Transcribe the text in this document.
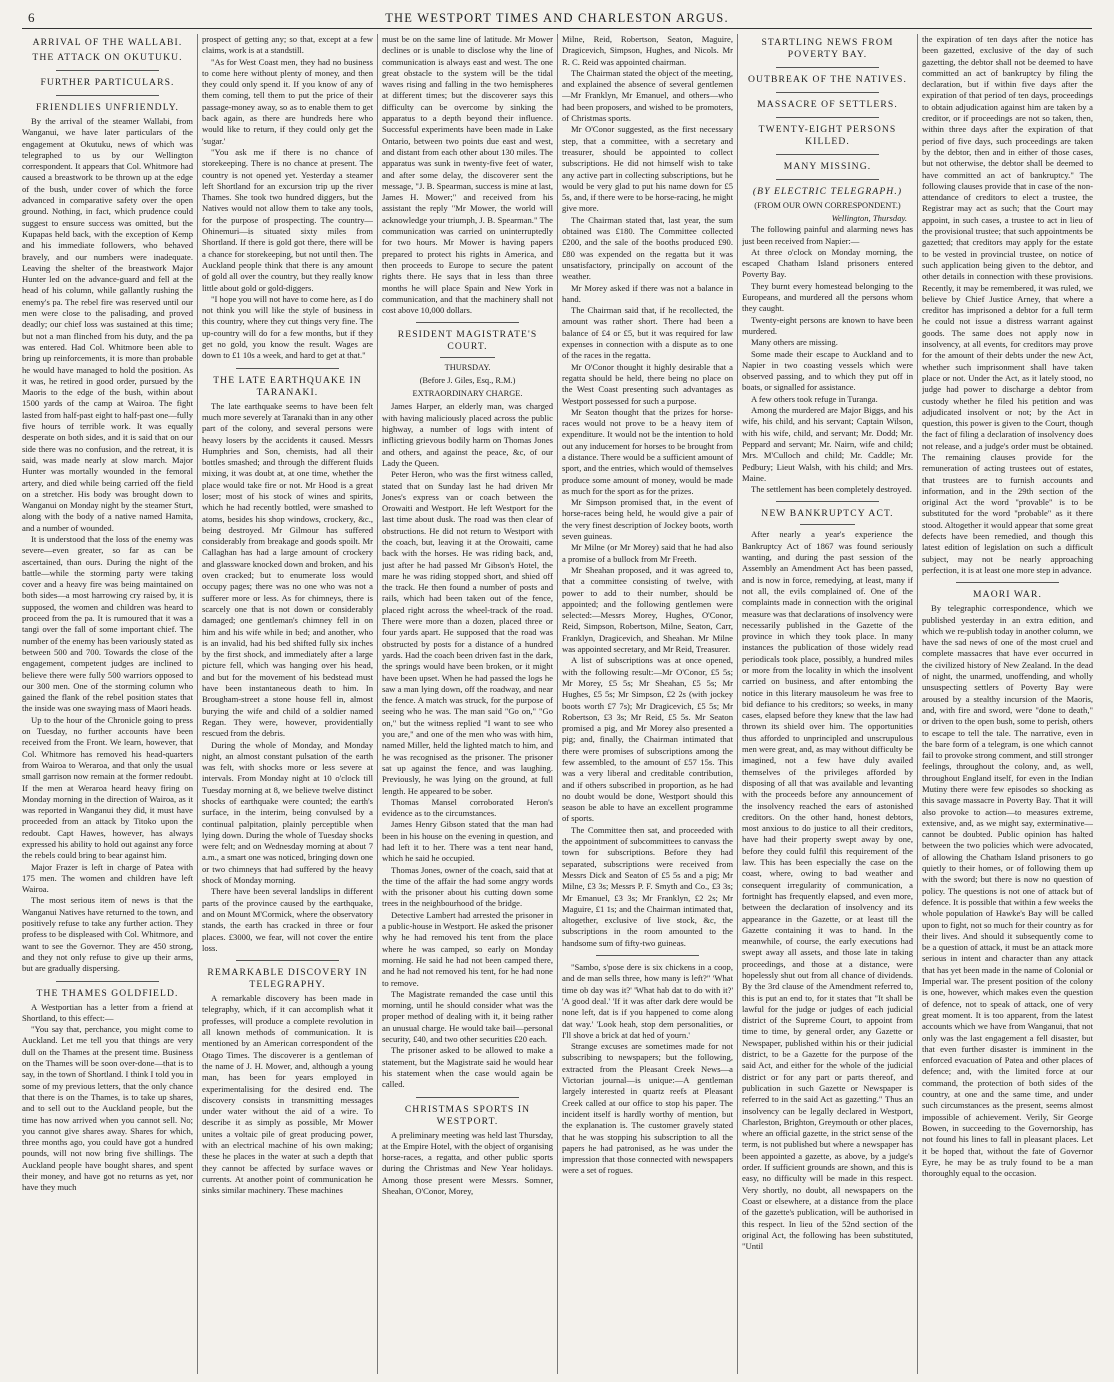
6	THE WESTPORT TIMES AND CHARLESTON ARGUS.
ARRIVAL OF THE WALLABI.
THE ATTACK ON OKUTUKU.
FURTHER PARTICULARS.
FRIENDLIES UNFRIENDLY.

By the arrival of the steamer Wallabi, from Wanganui, we have later particulars of the engagement at Okutuku, news of which was telegraphed to us by our Wellington correspondent. It appears that Col. Whitmore had caused a breastwork to be thrown up at the edge of the bush, under cover of which the force advanced in comparative safety over the open ground. Nothing, in fact, which prudence could suggest to ensure success was omitted, but the Kupapas held back, with the exception of Kemp and his immediate followers, who behaved bravely, and our numbers were inadequate. Leaving the shelter of the breastwork Major Hunter led on the advance-guard and fell at the head of his column, while gallantly rushing the enemy's pa. The rebel fire was reserved until our men were close to the palisading, and proved deadly; our chief loss was sustained at this time; but not a man flinched from his duty, and the pa was entered. Had Col. Whitmore been able to bring up reinforcements, it is more than probable he would have managed to hold the position. As it was, he retired in good order, pursued by the Maoris to the edge of the bush, within about 1500 yards of the camp at Wairoa. The fight lasted from half-past eight to half-past one—fully five hours of terrible work. It was equally desperate on both sides, and it is said that on our side there was no confusion, and the retreat, it is said, was made nearly at slow march. Major Hunter was mortally wounded in the femoral artery, and died while being carried off the field on a stretcher. His body was brought down to Wanganui on Monday night by the steamer Sturt, along with the body of a native named Hamita, and a number of wounded.

It is understood that the loss of the enemy was severe—even greater, so far as can be ascertained, than ours. During the night of the battle—while the storming party were taking cover and a heavy fire was being maintained on both sides—a most harrowing cry raised by, it is supposed, the women and children was heard to proceed from the pa. It is rumoured that it was a tangi over the fall of some important chief. The number of the enemy has been variously stated as between 500 and 700. Towards the close of the engagement, competent judges are inclined to believe there were fully 500 warriors opposed to our 300 men. One of the storming column who gained the flank of the rebel position states that the inside was one swaying mass of Maori heads.

Up to the hour of the Chronicle going to press on Tuesday, no further accounts have been received from the Front. We learn, however, that Col. Whitmore has removed his head-quarters from Wairoa to Weraroa, and that only the usual small garrison now remain at the former redoubt. If the men at Weraroa heard heavy firing on Monday morning in the direction of Wairoa, as it was reported in Wanganui they did, it must have proceeded from an attack by Titoko upon the redoubt. Capt Hawes, however, has always expressed his ability to hold out against any force the rebels could bring to bear against him.

Major Frazer is left in charge of Patea with 175 men. The women and children have left Wairoa.

The most serious item of news is that the Wanganui Natives have returned to the town, and positively refuse to take any further action. They profess to be displeased with Col. Whitmore, and want to see the Governor. They are 450 strong, and they not only refuse to give up their arms, but are gradually dispersing.

THE THAMES GOLDFIELD.

A Westportian has a letter from a friend at Shortland, to this effect:—

"You say that, perchance, you might come to Auckland. Let me tell you that things are very dull on the Thames at the present time. Business on the Thames will be soon over-done—that is to say, in the town of Shortland. I think I told you in some of my previous letters, that the only chance that there is on the Thames, is to take up shares, and to sell out to the Auckland people, but the time has now arrived when you cannot sell. No; you cannot give shares away. Shares for which, three months ago, you could have got a hundred pounds, will not now bring five shillings. The Auckland people have bought shares, and spent their money, and have got no returns as yet, nor have they much

prospect of getting any; so that, except at a few claims, work is at a standstill.

"As for West Coast men, they had no business to come here without plenty of money, and then they could only spend it. If you know of any of them coming, tell them to put the price of their passage-money away, so as to enable them to get back again, as there are hundreds here who would like to return, if they could only get the 'sugar.'

"You ask me if there is no chance of storekeeping. There is no chance at present. The country is not opened yet. Yesterday a steamer left Shortland for an excursion trip up the river Thames. She took two hundred diggers, but the Natives would not allow them to take any tools, for the purpose of prospecting. The country—Ohinemuri—is situated sixty miles from Shortland. If there is gold got there, there will be a chance for storekeeping, but not until then. The Auckland people think that there is any amount of gold all over the country, but they really know little about gold or gold-diggers.

"I hope you will not have to come here, as I do not think you will like the style of business in this country, where they cut things very fine. The up-country will do for a few months, but if they get no gold, you know the result. Wages are down to £1 10s a week, and hard to get at that."

THE LATE EARTHQUAKE IN TARANAKI.

The late earthquake seems to have been felt much more severely at Taranaki than in any other part of the colony, and several persons were heavy losers by the accidents it caused. Messrs Humphries and Son, chemists, had all their bottles smashed; and through the different fluids mixing, it was doubt at, at one time, whether the place would take fire or not. Mr Hood is a great loser; most of his stock of wines and spirits, which he had recently bottled, were smashed to atoms, besides his shop windows, crockery, &c., being destroyed. Mr Gilmour has suffered considerably from breakage and goods spoilt. Mr Callaghan has had a large amount of crockery and glassware knocked down and broken, and his oven cracked; but to enumerate loss would occupy pages; there was no one who was not a sufferer more or less. As for chimneys, there is scarcely one that is not down or considerably damaged; one gentleman's chimney fell in on him and his wife while in bed; and another, who is an invalid, had his bed shifted fully six inches by the first shock, and immediately after a large picture fell, which was hanging over his head, and but for the movement of his bedstead must have been instantaneous death to him. In Brougham-street a stone house fell in, almost burying the wife and child of a soldier named Regan. They were, however, providentially rescued from the debris.

During the whole of Monday, and Monday night, an almost constant pulsation of the earth was felt, with shocks more or less severe at intervals. From Monday night at 10 o'clock till Tuesday morning at 8, we believe twelve distinct shocks of earthquake were counted; the earth's surface, in the interim, being convulsed by a continual palpitation, plainly perceptible when lying down. During the whole of Tuesday shocks were felt; and on Wednesday morning at about 7 a.m., a smart one was noticed, bringing down one or two chimneys that had suffered by the heavy shock of Monday morning.

There have been several landslips in different parts of the province caused by the earthquake, and on Mount M'Cormick, where the observatory stands, the earth has cracked in three or four places. £3000, we fear, will not cover the entire loss.

REMARKABLE DISCOVERY IN TELEGRAPHY.

A remarkable discovery has been made in telegraphy, which, if it can accomplish what it professes, will produce a complete revolution in all known methods of communication. It is mentioned by an American correspondent of the Otago Times. The discoverer is a gentleman of the name of J. H. Mower, and, although a young man, has been for years employed in experimentalising for the desired end. The discovery consists in transmitting messages under water without the aid of a wire. To describe it as simply as possible, Mr Mower unites a voltaic pile of great producing power, with an electrical machine of his own making; these he places in the water at such a depth that they cannot be affected by surface waves or currents. At another point of communication he sinks similar machinery. These machines

must be on the same line of latitude. Mr Mower declines or is unable to disclose why the line of communication is always east and west. The one great obstacle to the system will be the tidal waves rising and falling in the two hemispheres at different times; but the discoverer says this difficulty can be overcome by sinking the apparatus to a depth beyond their influence. Successful experiments have been made in Lake Ontario, between two points due east and west, and distant from each other about 130 miles. The apparatus was sunk in twenty-five feet of water, and after some delay, the discoverer sent the message, "J. B. Spearman, success is mine at last, James H. Mower;" and received from his assistant the reply "Mr Mower, the world will acknowledge your triumph, J. B. Spearman." The communication was carried on uninterruptedly for two hours. Mr Mower is having papers prepared to protect his rights in America, and then proceeds to Europe to secure the patent rights there. He says that in less than three months he will place Spain and New York in communication, and that the machinery shall not cost above 10,000 dollars.

RESIDENT MAGISTRATE'S COURT.
THURSDAY.
(Before J. Giles, Esq., R.M.)
EXTRAORDINARY CHARGE.

James Harper, an elderly man, was charged with having maliciously placed across the public highway, a number of logs with intent of inflicting grievous bodily harm on Thomas Jones and others, and against the peace, &c, of our Lady the Queen.

Peter Heron, who was the first witness called, stated that on Sunday last he had driven Mr Jones's express van or coach between the Orowaiti and Westport. He left Westport for the last time about dusk. The road was then clear of obstructions. He did not return to Westport with the coach, but, leaving it at the Orowaiti, came back with the horses. He was riding back, and, just after he had passed Mr Gibson's Hotel, the mare he was riding stopped short, and shied off the track. He then found a number of posts and rails, which had been taken out of the fence, placed right across the wheel-track of the road. There were more than a dozen, placed three or four yards apart. He supposed that the road was obstructed by posts for a distance of a hundred yards. Had the coach been driven fast in the dark, the springs would have been broken, or it might have been upset. When he had passed the logs he saw a man lying down, off the roadway, and near the fence. A match was struck, for the purpose of seeing who he was. The man said "Go on," "Go on," but the witness replied "I want to see who you are," and one of the men who was with him, named Miller, held the lighted match to him, and he was recognised as the prisoner. The prisoner sat up against the fence, and was laughing. Previously, he was lying on the ground, at full length. He appeared to be sober.

Thomas Mansel corroborated Heron's evidence as to the circumstances.

James Henry Gibson stated that the man had been in his house on the evening in question, and had left it to her. There was a tent near hand, which he said he occupied.

Thomas Jones, owner of the coach, said that at the time of the affair the had some angry words with the prisoner about his cutting down some trees in the neighbourhood of the bridge.

Detective Lambert had arrested the prisoner in a public-house in Westport. He asked the prisoner why he had removed his tent from the place where he was camped, so early on Monday morning. He said he had not been camped there, and he had not removed his tent, for he had none to remove.

The Magistrate remanded the case until this morning, until he should consider what was the proper method of dealing with it, it being rather an unusual charge. He would take bail—personal security, £40, and two other securities £20 each.

The prisoner asked to be allowed to make a statement, but the Magistrate said he would hear his statement when the case would again be called.

CHRISTMAS SPORTS IN WESTPORT.

A preliminary meeting was held last Thursday, at the Empire Hotel, with the object of organising horse-races, a regatta, and other public sports during the Christmas and New Year holidays. Among those present were Messrs. Somner, Sheahan, O'Conor, Morey,

Milne, Reid, Robertson, Seaton, Maguire, Dragicevich, Simpson, Hughes, and Nicols. Mr R. C. Reid was appointed chairman.

The Chairman stated the object of the meeting, and explained the absence of several gentlemen—Mr Franklyn, Mr Emanuel, and others—who had been proposers, and wished to be promoters, of Christmas sports.

Mr O'Conor suggested, as the first necessary step, that a committee, with a secretary and treasurer, should be appointed to collect subscriptions. He did not himself wish to take any active part in collecting subscriptions, but he would be very glad to put his name down for £5 5s, and, if there were to be horse-racing, he might give more.

The Chairman stated that, last year, the sum obtained was £180. The Committee collected £200, and the sale of the booths produced £90. £80 was expended on the regatta but it was unsatisfactory, principally on account of the weather.

Mr Morey asked if there was not a balance in hand.

The Chairman said that, if he recollected, the amount was rather short. There had been a balance of £4 or £5, but it was required for law expenses in connection with a dispute as to one of the races in the regatta.

Mr O'Conor thought it highly desirable that a regatta should be held, there being no place on the West Coast presenting such advantages as Westport possessed for such a purpose.

Mr Seaton thought that the prizes for horse-races would not prove to be a heavy item of expenditure. It would not be the intention to hold out any inducement for horses to be brought from a distance. There would be a sufficient amount of sport, and the entries, which would of themselves produce some amount of money, would be made as much for the sport as for the prizes.

Mr Simpson promised that, in the event of horse-races being held, he would give a pair of the very finest description of Jockey boots, worth seven guineas.

Mr Milne (or Mr Morey) said that he had also a promise of a bullock from Mr Freeth.

Mr Sheahan proposed, and it was agreed to, that a committee consisting of twelve, with power to add to their number, should be appointed; and the following gentlemen were selected:—Messrs Morey, Hughes, O'Conor, Reid, Simpson, Robertson, Milne, Seaton, Carr, Franklyn, Dragicevich, and Sheahan. Mr Milne was appointed secretary, and Mr Reid, Treasurer.

A list of subscriptions was at once opened, with the following result:—Mr O'Conor, £5 5s; Mr Morey, £5 5s; Mr Sheahan, £5 5s; Mr Hughes, £5 5s; Mr Simpson, £2 2s (with jockey boots worth £7 7s); Mr Dragicevich, £5 5s; Mr Robertson, £3 3s; Mr Reid, £5 5s. Mr Seaton promised a pig, and Mr Morey also presented a pig; and, finally, the Chairman intimated that there were promises of subscriptions among the few assembled, to the amount of £57 15s. This was a very liberal and creditable contribution, and if others subscribed in proportion, as he had no doubt would be done, Westport should this season be able to have an excellent programme of sports.

The Committee then sat, and proceeded with the appointment of subcommittees to canvass the town for subscriptions. Before they had separated, subscriptions were received from Messrs Dick and Seaton of £5 5s and a pig; Mr Milne, £3 3s; Messrs P. F. Smyth and Co., £3 3s; Mr Emanuel, £3 3s; Mr Franklyn, £2 2s; Mr Maguire, £1 1s; and the Chairman intimated that, altogether, exclusive of live stock, &c, the subscriptions in the room amounted to the handsome sum of fifty-two guineas.

"Sambo, s'pose dere is six chickens in a coop, and de man sells three, how many is left?" 'What time ob day was it?' 'What hab dat to do with it?' 'A good deal.' 'If it was after dark dere would be none left, dat is if you happened to come along dat way.' 'Look heah, stop dem personalities, or I'll shove a brick at dat hed of yourn.'

Strange excuses are sometimes made for not subscribing to newspapers; but the following, extracted from the Pleasant Creek News—a Victorian journal—is unique:—A gentleman largely interested in quartz reefs at Pleasant Creek called at our office to stop his paper. The incident itself is hardly worthy of mention, but the explanation is. The customer gravely stated that he was stopping his subscription to all the papers he had patronised, as he was under the impression that those connected with newspapers were a set of rogues.

STARTLING NEWS FROM POVERTY BAY.
OUTBREAK OF THE NATIVES.
MASSACRE OF SETTLERS.
TWENTY-EIGHT PERSONS KILLED.
MANY MISSING.
(BY ELECTRIC TELEGRAPH.)
(FROM OUR OWN CORRESPONDENT.)
Wellington, Thursday.

The following painful and alarming news has just been received from Napier:—

At three o'clock on Monday morning, the escaped Chatham Island prisoners entered Poverty Bay.

They burnt every homestead belonging to the Europeans, and murdered all the persons whom they caught.

Twenty-eight persons are known to have been murdered.

Many others are missing.

Some made their escape to Auckland and to Napier in two coasting vessels which were observed passing, and to which they put off in boats, or signalled for assistance.

A few others took refuge in Turanga.

Among the murdered are Major Biggs, and his wife, his child, and his servant; Captain Wilson, with his wife, child, and servant; Mr. Dodd; Mr. Peppard and servant; Mr. Nairn, wife and child; Mrs. M'Culloch and child; Mr. Caddle; Mr. Pedbury; Lieut Walsh, with his child; and Mrs. Maine.

The settlement has been completely destroyed.

NEW BANKRUPTCY ACT.

After nearly a year's experience the Bankruptcy Act of 1867 was found seriously wanting, and during the past session of the Assembly an Amendment Act has been passed, and is now in force, remedying, at least, many if not all, the evils complained of. One of the complaints made in connection with the original measure was that declarations of insolvency were necessarily published in the Gazette of the province in which they took place. In many instances the publication of those widely read periodicals took place, possibly, a hundred miles or more from the locality in which the insolvent carried on business, and after entombing the notice in this literary mausoleum he was free to bid defiance to his creditors; so weeks, in many cases, elapsed before they knew that the law had thrown its shield over him. The opportunities thus afforded to unprincipled and unscrupulous men were great, and, as may without difficulty be imagined, not a few have duly availed themselves of the privileges afforded by disposing of all that was available and levanting with the proceeds before any announcement of the insolvency reached the ears of astonished creditors. On the other hand, honest debtors, most anxious to do justice to all their creditors, have had their property swept away by one, before they could fulfil this requirement of the law. This has been especially the case on the coast, where, owing to bad weather and consequent irregularity of communication, a fortnight has frequently elapsed, and even more, between the declaration of insolvency and its appearance in the Gazette, or at least till the Gazette containing it was to hand. In the meanwhile, of course, the early executions had swept away all assets, and those late in taking proceedings, and those at a distance, were hopelessly shut out from all chance of dividends. By the 3rd clause of the Amendment referred to, this is put an end to, for it states that "It shall be lawful for the judge or judges of each judicial district of the Supreme Court, to appoint from time to time, by general order, any Gazette or Newspaper, published within his or their judicial district, to be a Gazette for the purpose of the said Act, and either for the whole of the judicial district or for any part or parts thereof, and publication in such Gazette or Newspaper is referred to in the said Act as gazetting." Thus an insolvency can be legally declared in Westport, Charleston, Brighton, Greymouth or other places, where an official gazette, in the strict sense of the term, is not published but where a newspaper has been appointed a gazette, as above, by a judge's order. If sufficient grounds are shown, and this is easy, no difficulty will be made in this respect. Very shortly, no doubt, all newspapers on the Coast or elsewhere, at a distance from the place of the gazette's publication, will be authorised in this respect. In lieu of the 52nd section of the original Act, the following has been substituted, "Until

the expiration of ten days after the notice has been gazetted, exclusive of the day of such gazetting, the debtor shall not be deemed to have committed an act of bankruptcy by filing the declaration, but if within five days after the expiration of that period of ten days, proceedings to obtain adjudication against him are taken by a creditor, or if proceedings are not so taken, then, within three days after the expiration of that period of five days, such proceedings are taken by the debtor, then and in either of those cases, but not otherwise, the debtor shall be deemed to have committed an act of bankruptcy." The following clauses provide that in case of the non-attendance of creditors to elect a trustee, the Registrar may act as such; that the Court may appoint, in such cases, a trustee to act in lieu of the provisional trustee; that such appointments be gazetted; that creditors may apply for the estate to be vested in provincial trustee, on notice of such application being given to the debtor, and other details in connection with these provisions. Recently, it may be remembered, it was ruled, we believe by Chief Justice Arney, that where a creditor has imprisoned a debtor for a full term he could not issue a distress warrant against goods. The same does not apply now in insolvency, at all events, for creditors may prove for the amount of their debts under the new Act, whether such imprisonment shall have taken place or not. Under the Act, as it lately stood, no judge had power to discharge a debtor from custody whether he filed his petition and was adjudicated insolvent or not; by the Act in question, this power is given to the Court, though the fact of filing a declaration of insolvency does not release, and a judge's order must be obtained. The remaining clauses provide for the remuneration of acting trustees out of estates, that trustees are to furnish accounts and information, and in the 29th section of the original Act the word "provable" is to be substituted for the word "probable" as it there stood. Altogether it would appear that some great defects have been remedied, and though this latest edition of legislation on such a difficult subject, may not be nearly approaching perfection, it is at least one more step in advance.

MAORI WAR.

By telegraphic correspondence, which we published yesterday in an extra edition, and which we re-publish today in another column, we have the sad news of one of the most cruel and complete massacres that have ever occurred in the civilized history of New Zealand. In the dead of night, the unarmed, unoffending, and wholly unsuspecting settlers of Poverty Bay were aroused by a stealthy incursion of the Maoris, and, with fire and sword, were "done to death," or driven to the open bush, some to perish, others to escape to tell the tale. The narrative, even in the bare form of a telegram, is one which cannot fail to provoke strong comment, and still stronger feelings, throughout the colony, and, as well, throughout England itself, for even in the Indian Mutiny there were few episodes so shocking as this savage massacre in Poverty Bay. That it will also provoke to action—to measures extreme, extensive, and, as we might say, exterminative—cannot be doubted. Public opinion has halted between the two policies which were advocated, of allowing the Chatham Island prisoners to go quietly to their homes, or of following them up with the sword; but there is now no question of policy. The questions is not one of attack but of defence. It is possible that within a few weeks the whole population of Hawke's Bay will be called upon to fight, not so much for their country as for their lives. And should it subsequently come to be a question of attack, it must be an attack more serious in intent and character than any attack that has yet been made in the name of Colonial or Imperial war. The present position of the colony is one, however, which makes even the question of defence, not to speak of attack, one of very great moment. It is too apparent, from the latest accounts which we have from Wanganui, that not only was the last engagement a fell disaster, but that even further disaster is imminent in the enforced evacuation of Patea and other places of defence; and, with the limited force at our command, the protection of both sides of the country, at one and the same time, and under such circumstances as the present, seems almost impossible of achievement. Verily, Sir George Bowen, in succeeding to the Governorship, has not found his lines to fall in pleasant places. Let it be hoped that, without the fate of Governor Eyre, he may be as truly found to be a man thoroughly equal to the occasion.
